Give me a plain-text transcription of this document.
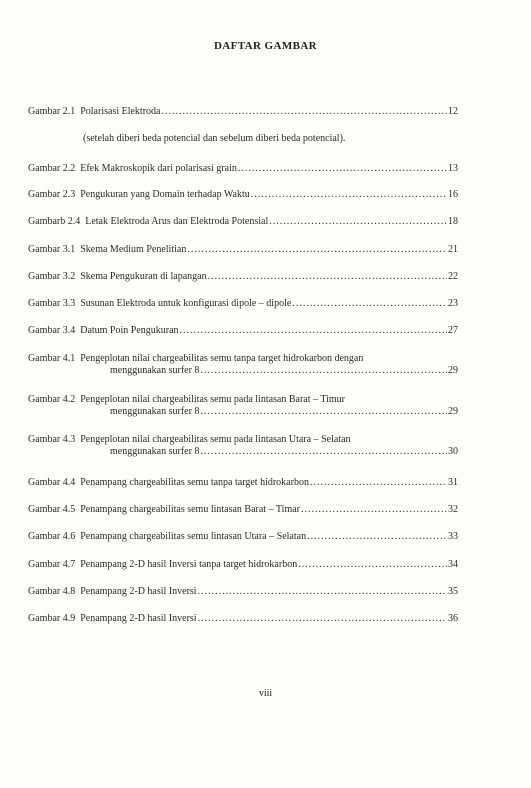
DAFTAR GAMBAR
Gambar 2.1 Polarisasi Elektroda .....	12
Gambar 2.2 Efek Makroskopik dari polarisasi grain .....	13
Gambar 2.3 Pengukuran yang Domain terhadap Waktu .....	16
Gambarb 2.4 Letak Elektroda Arus dan Elektroda Potensial .....	18
Gambar 3.1 Skema Medium Penelitian .....	21
Gambar 3.2 Skema Pengukuran di lapangan .....	22
Gambar 3.3 Susunan Elektroda untuk konfigurasi dipole – dipole .....	23
Gambar 3.4 Datum Poin Pengukuran .....	27
Gambar 4.1 Pengeplotan nilai chargeabilitas semu tanpa target hidrokarbon dengan
menggunakan surfer 8 .....	29
Gambar 4.2 Pengeplotan nilai chargeabilitas semu pada lintasan Barat – Timur
menggunakan surfer 8 .....	29
Gambar 4.3 Pengeplotan nilai chargeabilitas semu pada lintasan Utara – Selatan
menggunakan surfer 8 .....	30
Gambar 4.4 Penampang chargeabilitas semu tanpa target hidrokarbon .....	31
Gambar 4.5 Penampang chargeabilitas semu lintasan Barat – Timar .....	32
Gambar 4.6 Penampang chargeabilitas semu lintasan Utara – Selatan .....	33
Gambar 4.7 Penampang 2-D hasil Inversi tanpa target hidrokarbon .....	34
Gambar 4.8 Penampang 2-D hasil Inversi .....	35
Gambar 4.9 Penampang 2-D hasil Inversi .....	36
(setelah diberi beda potencial dan sebelum diberi beda potencial).
viii
